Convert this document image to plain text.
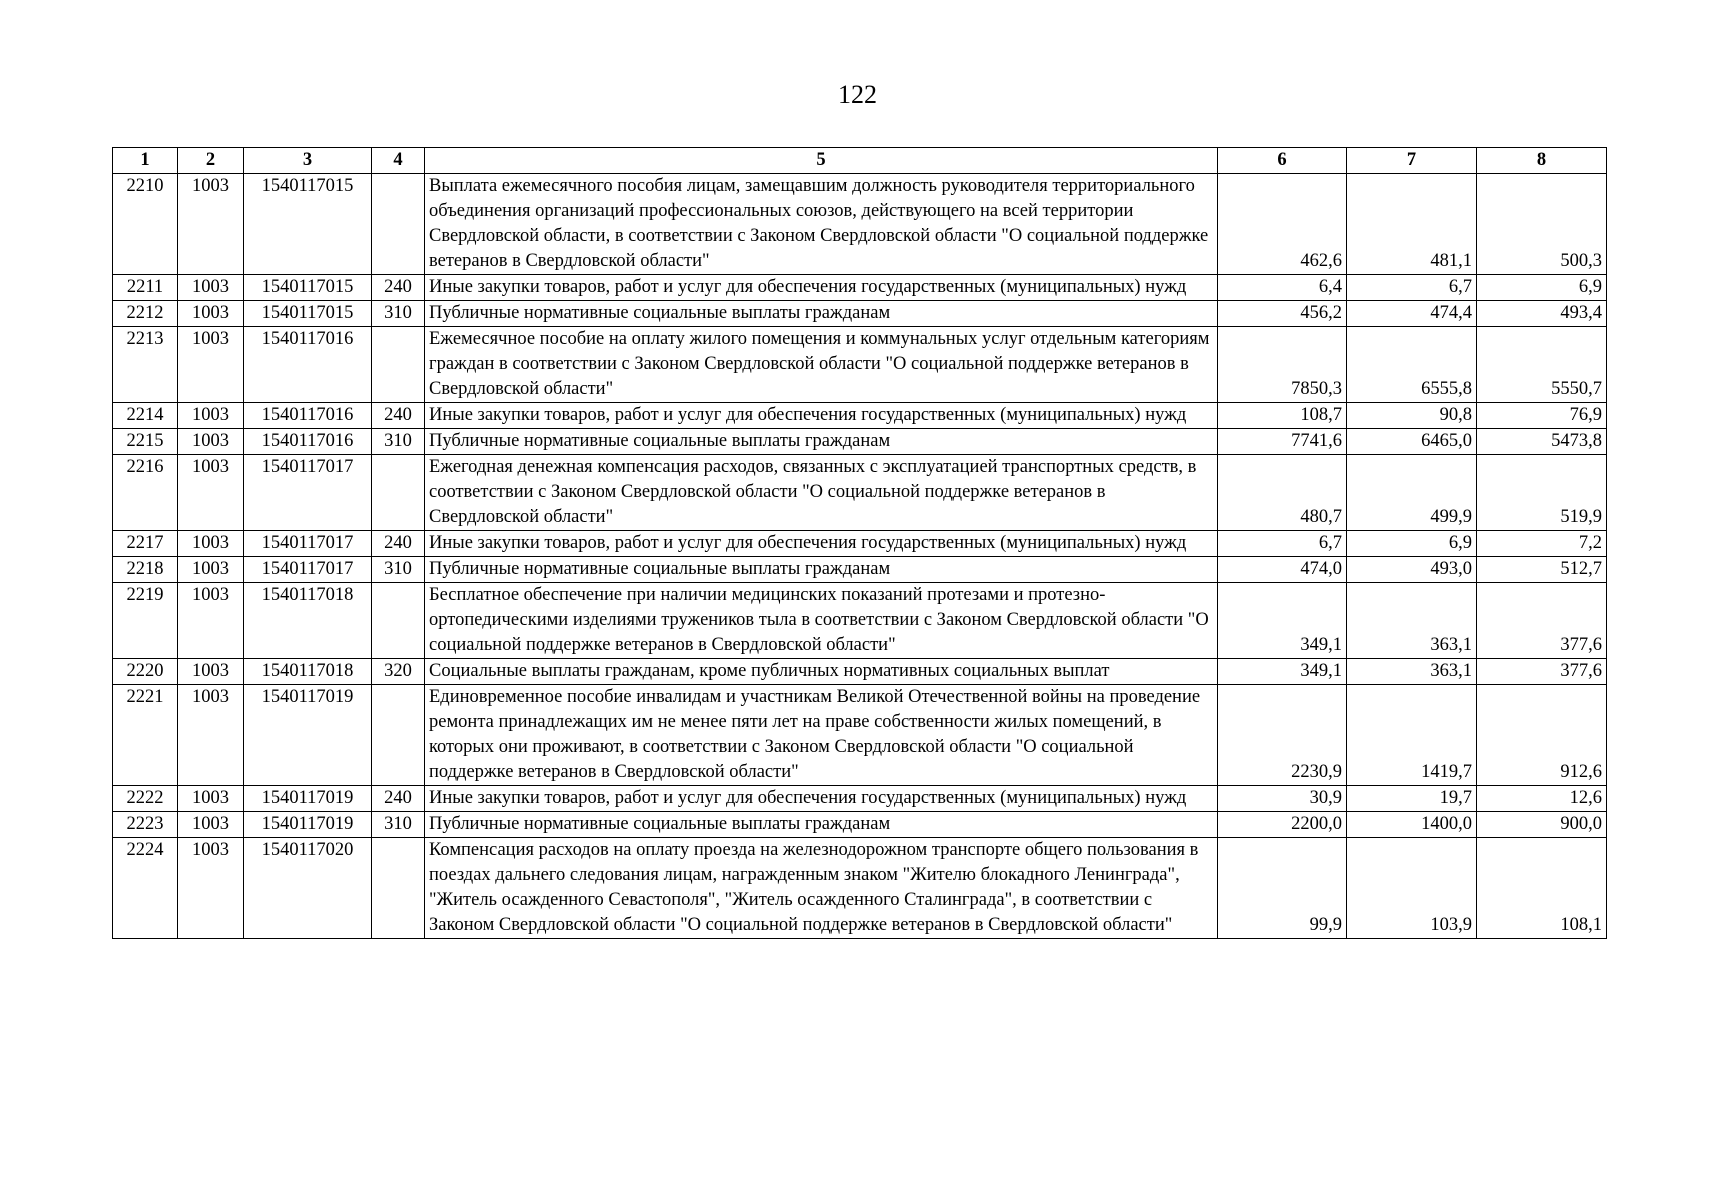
122
1	2	3	4	5	6	7	8
2210	1003	1540117015		Выплата ежемесячного пособия лицам, замещавшим должность руководителя территориального объединения организаций профессиональных союзов, действующего на всей территории Свердловской области, в соответствии с Законом Свердловской области "О социальной поддержке ветеранов в Свердловской области"	462,6	481,1	500,3
2211	1003	1540117015	240	Иные закупки товаров, работ и услуг для обеспечения государственных (муниципальных) нужд	6,4	6,7	6,9
2212	1003	1540117015	310	Публичные нормативные социальные выплаты гражданам	456,2	474,4	493,4
2213	1003	1540117016		Ежемесячное пособие на оплату жилого помещения и коммунальных услуг отдельным категориям граждан в соответствии с Законом Свердловской области "О социальной поддержке ветеранов в Свердловской области"	7850,3	6555,8	5550,7
2214	1003	1540117016	240	Иные закупки товаров, работ и услуг для обеспечения государственных (муниципальных) нужд	108,7	90,8	76,9
2215	1003	1540117016	310	Публичные нормативные социальные выплаты гражданам	7741,6	6465,0	5473,8
2216	1003	1540117017		Ежегодная денежная компенсация расходов, связанных с эксплуатацией транспортных средств, в соответствии с Законом Свердловской области "О социальной поддержке ветеранов в Свердловской области"	480,7	499,9	519,9
2217	1003	1540117017	240	Иные закупки товаров, работ и услуг для обеспечения государственных (муниципальных) нужд	6,7	6,9	7,2
2218	1003	1540117017	310	Публичные нормативные социальные выплаты гражданам	474,0	493,0	512,7
2219	1003	1540117018		Бесплатное обеспечение при наличии медицинских показаний протезами и протезно-ортопедическими изделиями тружеников тыла в соответствии с Законом Свердловской области "О социальной поддержке ветеранов в Свердловской области"	349,1	363,1	377,6
2220	1003	1540117018	320	Социальные выплаты гражданам, кроме публичных нормативных социальных выплат	349,1	363,1	377,6
2221	1003	1540117019		Единовременное пособие инвалидам и участникам Великой Отечественной войны на проведение ремонта принадлежащих им не менее пяти лет на праве собственности жилых помещений, в которых они проживают, в соответствии с Законом Свердловской области "О социальной поддержке ветеранов в Свердловской области"	2230,9	1419,7	912,6
2222	1003	1540117019	240	Иные закупки товаров, работ и услуг для обеспечения государственных (муниципальных) нужд	30,9	19,7	12,6
2223	1003	1540117019	310	Публичные нормативные социальные выплаты гражданам	2200,0	1400,0	900,0
2224	1003	1540117020		Компенсация расходов на оплату проезда на железнодорожном транспорте общего пользования в поездах дальнего следования лицам, награжденным знаком "Жителю блокадного Ленинграда", "Житель осажденного Севастополя", "Житель осажденного Сталинграда", в соответствии с Законом Свердловской области "О социальной поддержке ветеранов в Свердловской области"	99,9	103,9	108,1
